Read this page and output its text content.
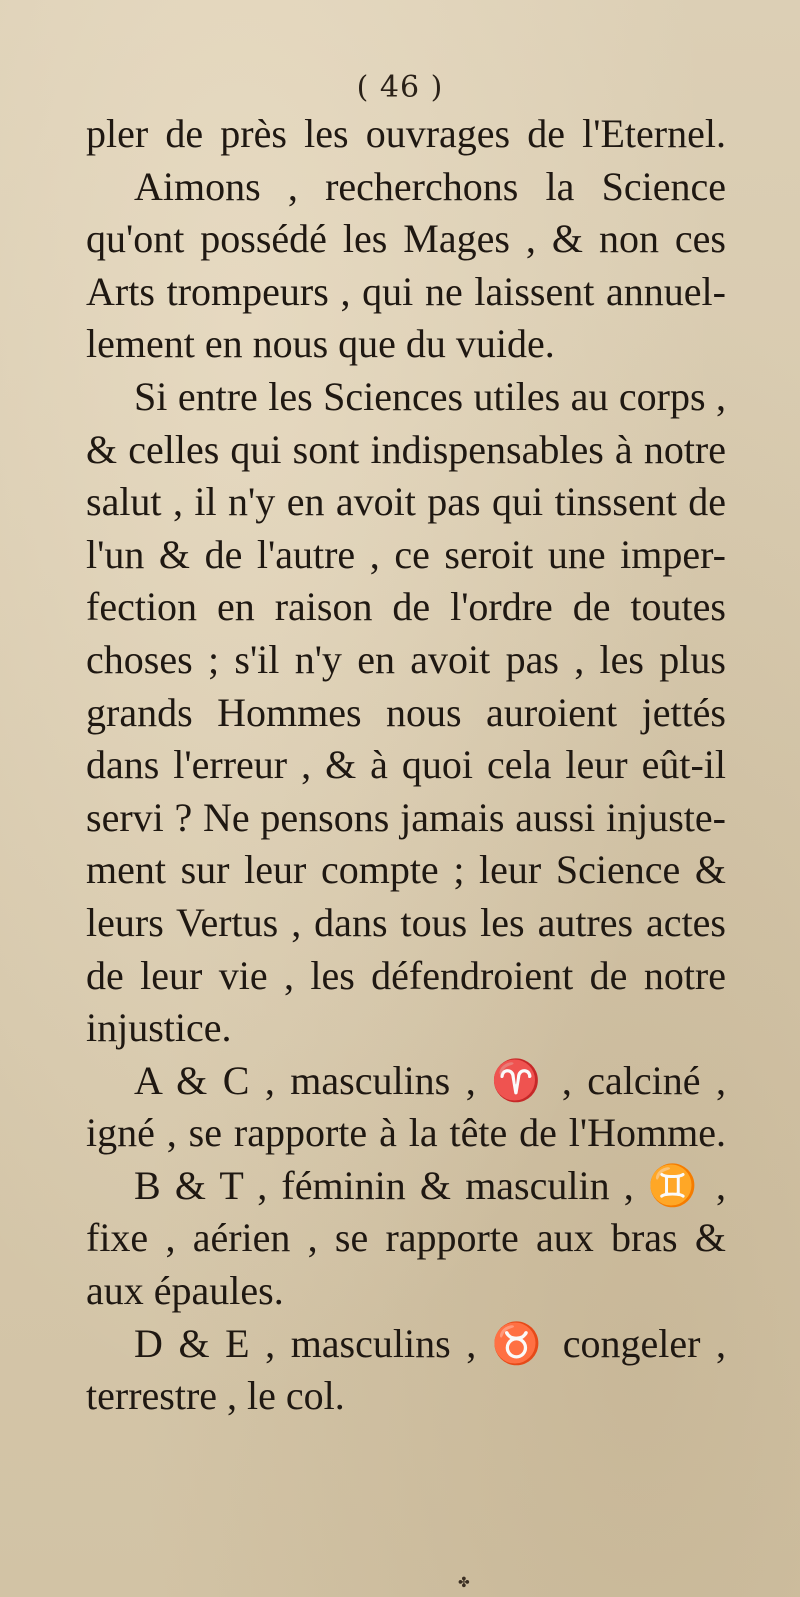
( 46 )
pler de près les ouvrages de l'Eternel.
Aimons , recherchons la Science
qu'ont possédé les Mages , & non ces
Arts trompeurs , qui ne laissent annuel-
lement en nous que du vuide.
Si entre les Sciences utiles au corps ,
& celles qui sont indispensables à notre
salut , il n'y en avoit pas qui tinssent de
l'un & de l'autre , ce seroit une imper-
fection en raison de l'ordre de toutes
choses ; s'il n'y en avoit pas , les plus
grands Hommes nous auroient jettés
dans l'erreur , & à quoi cela leur eût-il
servi ? Ne pensons jamais aussi injuste-
ment sur leur compte ; leur Science &
leurs Vertus , dans tous les autres actes
de leur vie , les défendroient de notre
injustice.
A & C , masculins , ♈ , calciné ,
igné , se rapporte à la tête de l'Homme.
B & T , féminin & masculin , ♊ ,
fixe , aérien , se rapporte aux bras &
aux épaules.
D & E , masculins , ♉ congeler ,
terrestre , le col.
✤
